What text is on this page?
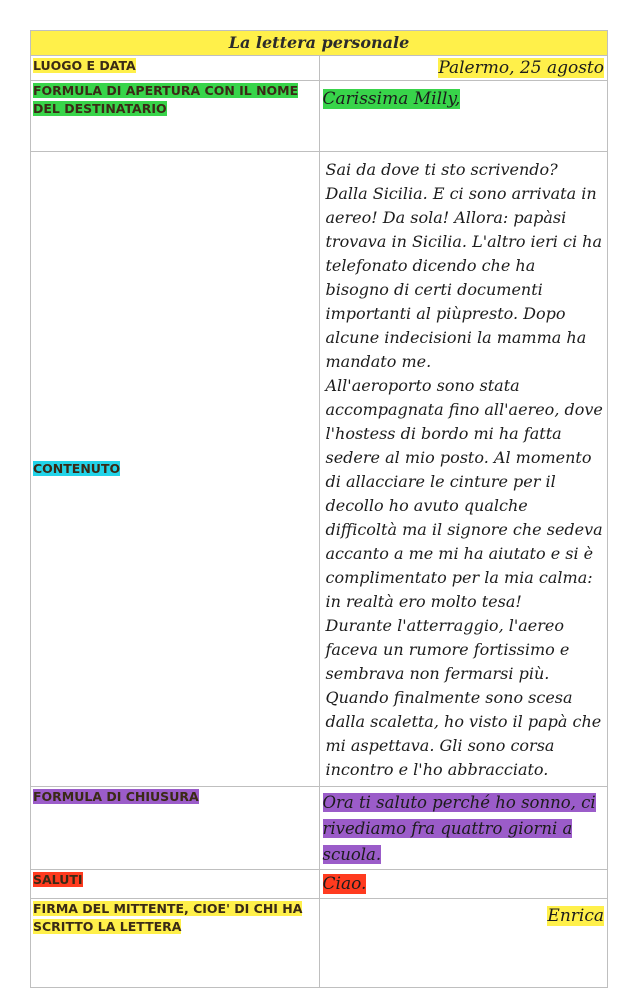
La lettera personale	
LUOGO E DATA	Palermo, 25 agosto
FORMULA DI APERTURA CON IL NOME DEL DESTINATARIO	Carissima Milly,
CONTENUTO	Sai da dove ti sto scrivendo? Dalla Sicilia. E ci sono arrivata in aereo! Da sola! Allora: papàsi trovava in Sicilia. L'altro ieri ci ha telefonato dicendo che ha bisogno di certi documenti importanti al piùpresto. Dopo alcune indecisioni la mamma ha mandato me.
All'aeroporto sono stata accompagnata fino all'aereo, dove l'hostess di bordo mi ha fatta sedere al mio posto. Al momento di allacciare le cinture per il decollo ho avuto qualche difficoltà ma il signore che sedeva accanto a me mi ha aiutato e si è complimentato per la mia calma: in realtà ero molto tesa!
Durante l'atterraggio, l'aereo faceva un rumore fortissimo e sembrava non fermarsi più. Quando finalmente sono scesa dalla scaletta, ho visto il papà che mi aspettava. Gli sono corsa incontro e l'ho abbracciato.

FORMULA DI CHIUSURA	Ora ti saluto perché ho sonno, ci rivediamo fra quattro giorni a scuola.
SALUTI	Ciao.
FIRMA DEL MITTENTE, CIOE' DI CHI HA SCRITTO LA LETTERA	Enrica
